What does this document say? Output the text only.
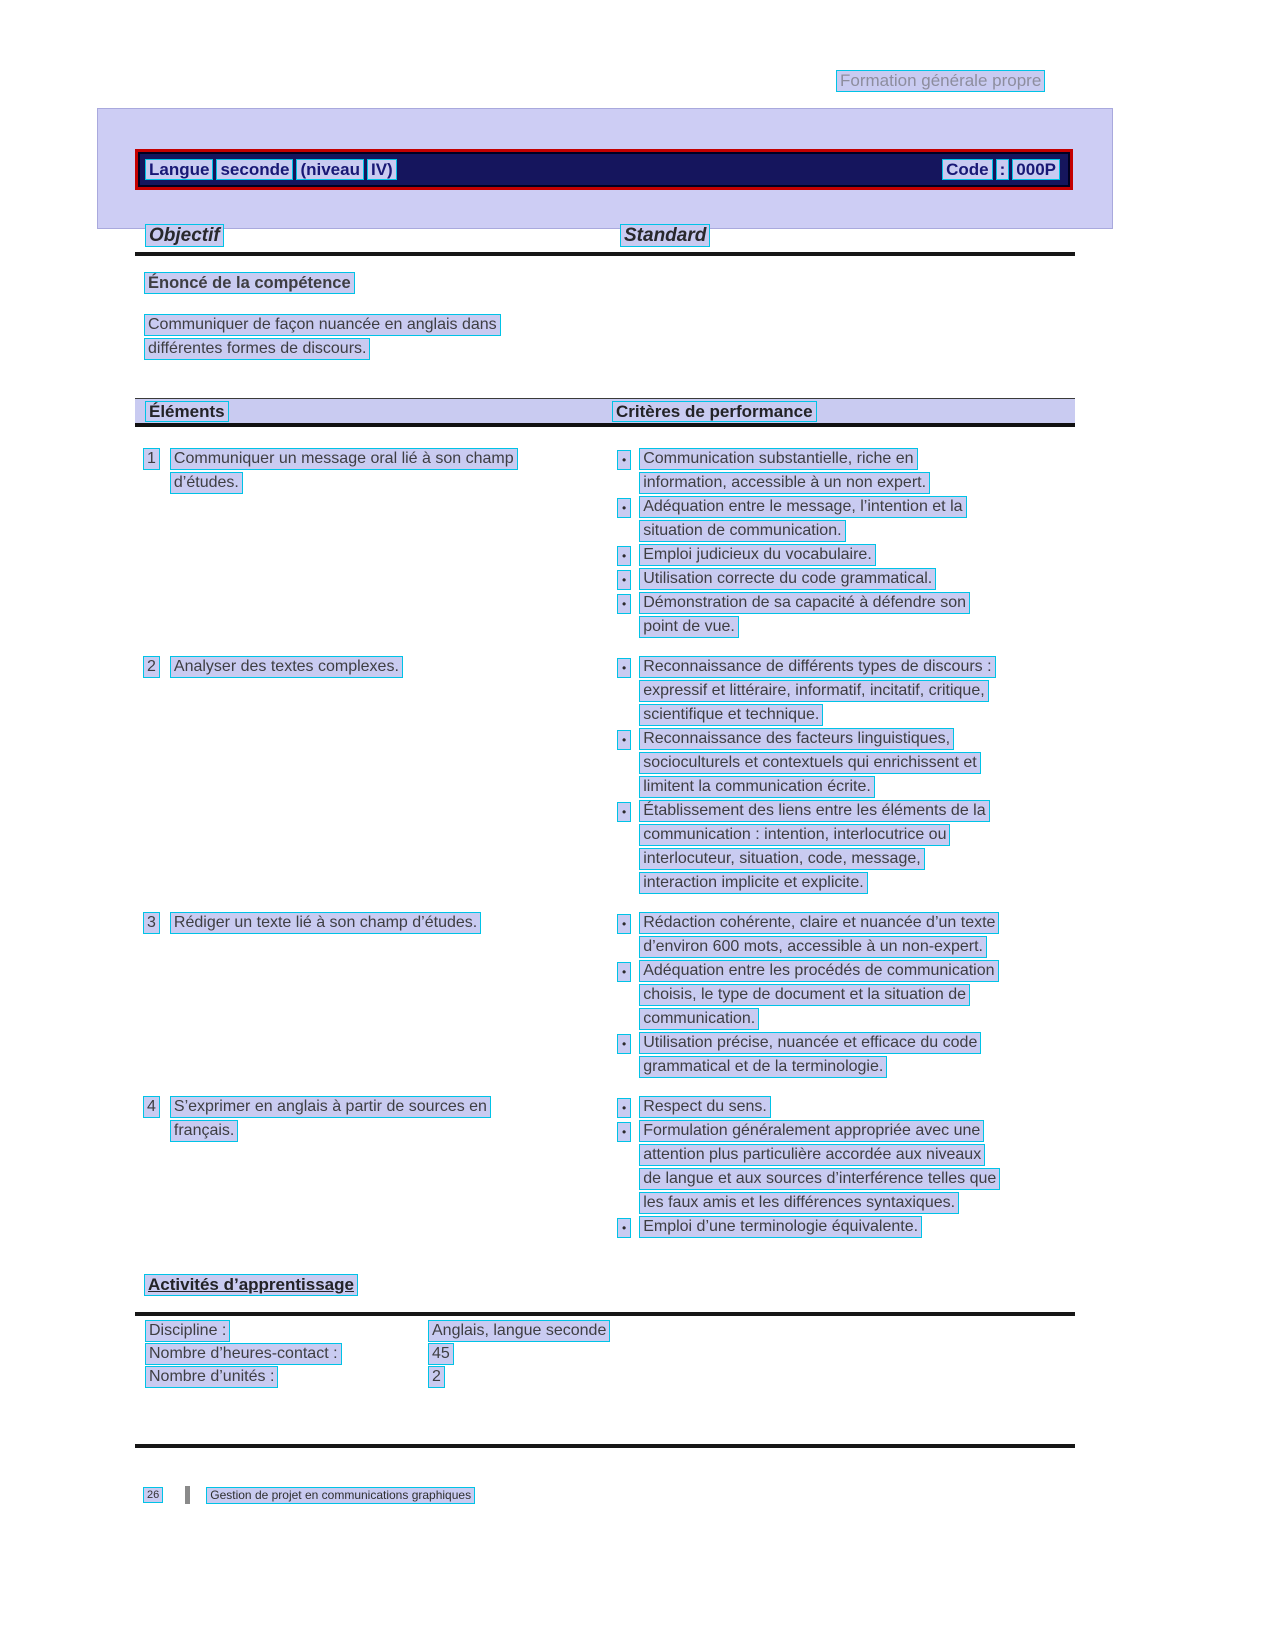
Formation générale propre
Langue seconde (niveau IV)	Code : 000P
Objectif	Standard
Énoncé de la compétence
Communiquer de façon nuancée en anglais dans
différentes formes de discours.
Éléments	Critères de performance
1 Communiquer un message oral lié à son champ
d’études.
•	Communication substantielle, riche en
information, accessible à un non expert.
•	Adéquation entre le message, l’intention et la
situation de communication.
•	Emploi judicieux du vocabulaire.
•	Utilisation correcte du code grammatical.
•	Démonstration de sa capacité à défendre son
point de vue.
2 Analyser des textes complexes.	•	Reconnaissance de différents types de discours :
expressif et littéraire, informatif, incitatif, critique,
scientifique et technique.
•	Reconnaissance des facteurs linguistiques,
socioculturels et contextuels qui enrichissent et
limitent la communication écrite.
•	Établissement des liens entre les éléments de la
communication : intention, interlocutrice ou
interlocuteur, situation, code, message,
interaction implicite et explicite.
3 Rédiger un texte lié à son champ d’études.	•	Rédaction cohérente, claire et nuancée d’un texte
d’environ 600 mots, accessible à un non-expert.
•	Adéquation entre les procédés de communication
choisis, le type de document et la situation de
communication.
•	Utilisation précise, nuancée et efficace du code
grammatical et de la terminologie.
4 S’exprimer en anglais à partir de sources en
français.
•	Respect du sens.
•	Formulation généralement appropriée avec une
attention plus particulière accordée aux niveaux
de langue et aux sources d’interférence telles que
les faux amis et les différences syntaxiques.
•	Emploi d’une terminologie équivalente.
Activités d’apprentissage
Discipline :	Anglais, langue seconde
Nombre d’heures-contact :	45
Nombre d’unités :	2
26	Gestion de projet en communications graphiques
